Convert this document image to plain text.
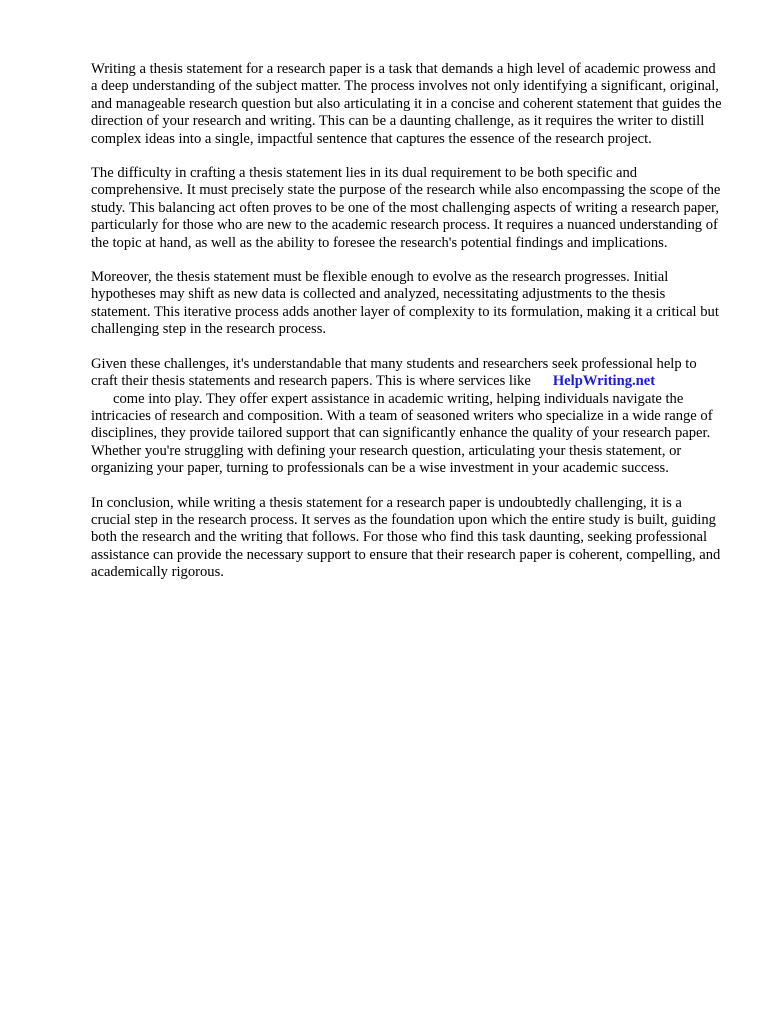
Writing a thesis statement for a research paper is a task that demands a high level of academic prowess and a deep understanding of the subject matter. The process involves not only identifying a significant, original, and manageable research question but also articulating it in a concise and coherent statement that guides the direction of your research and writing. This can be a daunting challenge, as it requires the writer to distill complex ideas into a single, impactful sentence that captures the essence of the research project.

The difficulty in crafting a thesis statement lies in its dual requirement to be both specific and comprehensive. It must precisely state the purpose of the research while also encompassing the scope of the study. This balancing act often proves to be one of the most challenging aspects of writing a research paper, particularly for those who are new to the academic research process. It requires a nuanced understanding of the topic at hand, as well as the ability to foresee the research's potential findings and implications.

Moreover, the thesis statement must be flexible enough to evolve as the research progresses. Initial hypotheses may shift as new data is collected and analyzed, necessitating adjustments to the thesis statement. This iterative process adds another layer of complexity to its formulation, making it a critical but challenging step in the research process.

Given these challenges, it's understandable that many students and researchers seek professional help to craft their thesis statements and research papers. This is where services like HelpWriting.net
come into play. They offer expert assistance in academic writing, helping individuals navigate the intricacies of research and composition. With a team of seasoned writers who specialize in a wide range of disciplines, they provide tailored support that can significantly enhance the quality of your research paper. Whether you're struggling with defining your research question, articulating your thesis statement, or organizing your paper, turning to professionals can be a wise investment in your academic success.

In conclusion, while writing a thesis statement for a research paper is undoubtedly challenging, it is a crucial step in the research process. It serves as the foundation upon which the entire study is built, guiding both the research and the writing that follows. For those who find this task daunting, seeking professional assistance can provide the necessary support to ensure that their research paper is coherent, compelling, and academically rigorous.
